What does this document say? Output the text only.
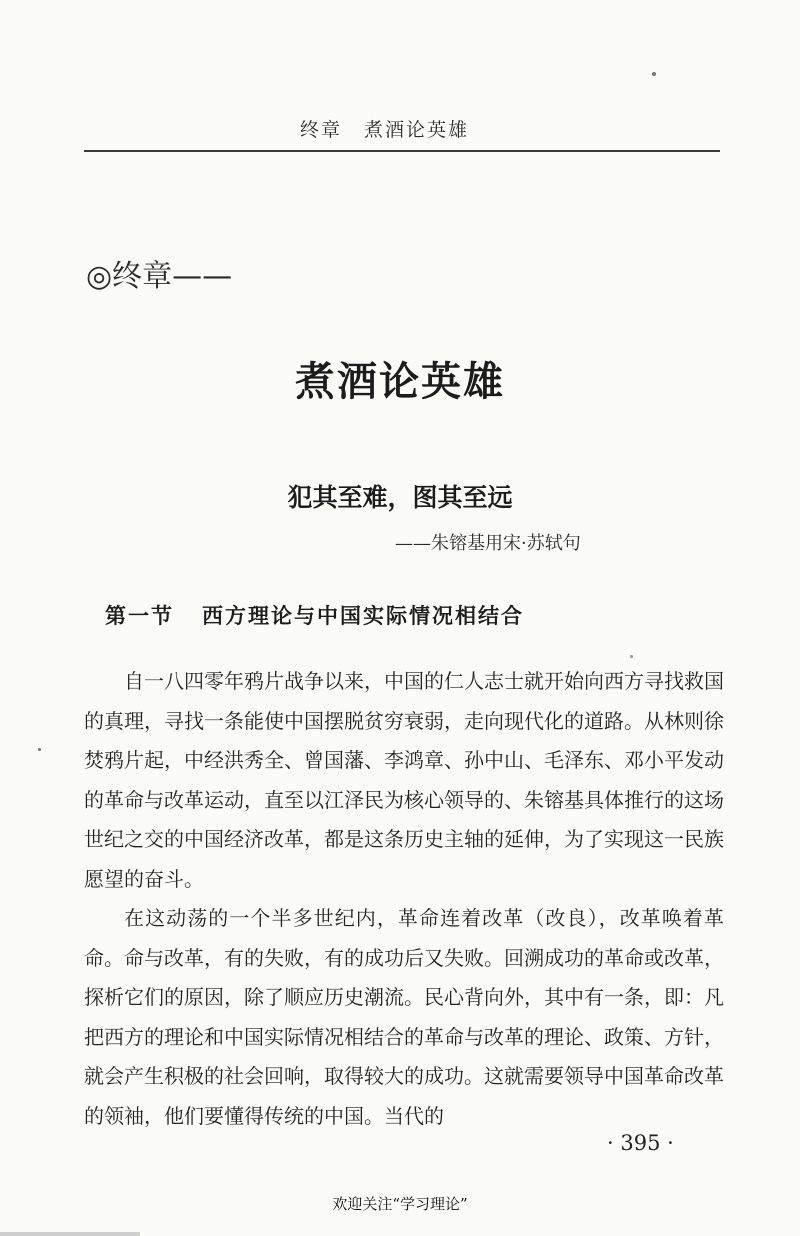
终章 煮酒论英雄
◎终章——
煮酒论英雄
犯其至难，图其至远
——朱镕基用宋·苏轼句
第一节 西方理论与中国实际情况相结合

自一八四零年鸦片战争以来，中国的仁人志士就开始向西方寻找救国的真理，寻找一条能使中国摆脱贫穷衰弱，走向现代化的道路。从林则徐焚鸦片起，中经洪秀全、曾国藩、李鸿章、孙中山、毛泽东、邓小平发动的革命与改革运动，直至以江泽民为核心领导的、朱镕基具体推行的这场世纪之交的中国经济改革，都是这条历史主轴的延伸，为了实现这一民族愿望的奋斗。

在这动荡的一个半多世纪内，革命连着改革（改良），改革唤着革命。命与改革，有的失败，有的成功后又失败。回溯成功的革命或改革，探析它们的原因，除了顺应历史潮流。民心背向外，其中有一条，即：凡把西方的理论和中国实际情况相结合的革命与改革的理论、政策、方针，就会产生积极的社会回响，取得较大的成功。这就需要领导中国革命改革的领袖，他们要懂得传统的中国。当代的

· 395 ·
欢迎关注“学习理论”
